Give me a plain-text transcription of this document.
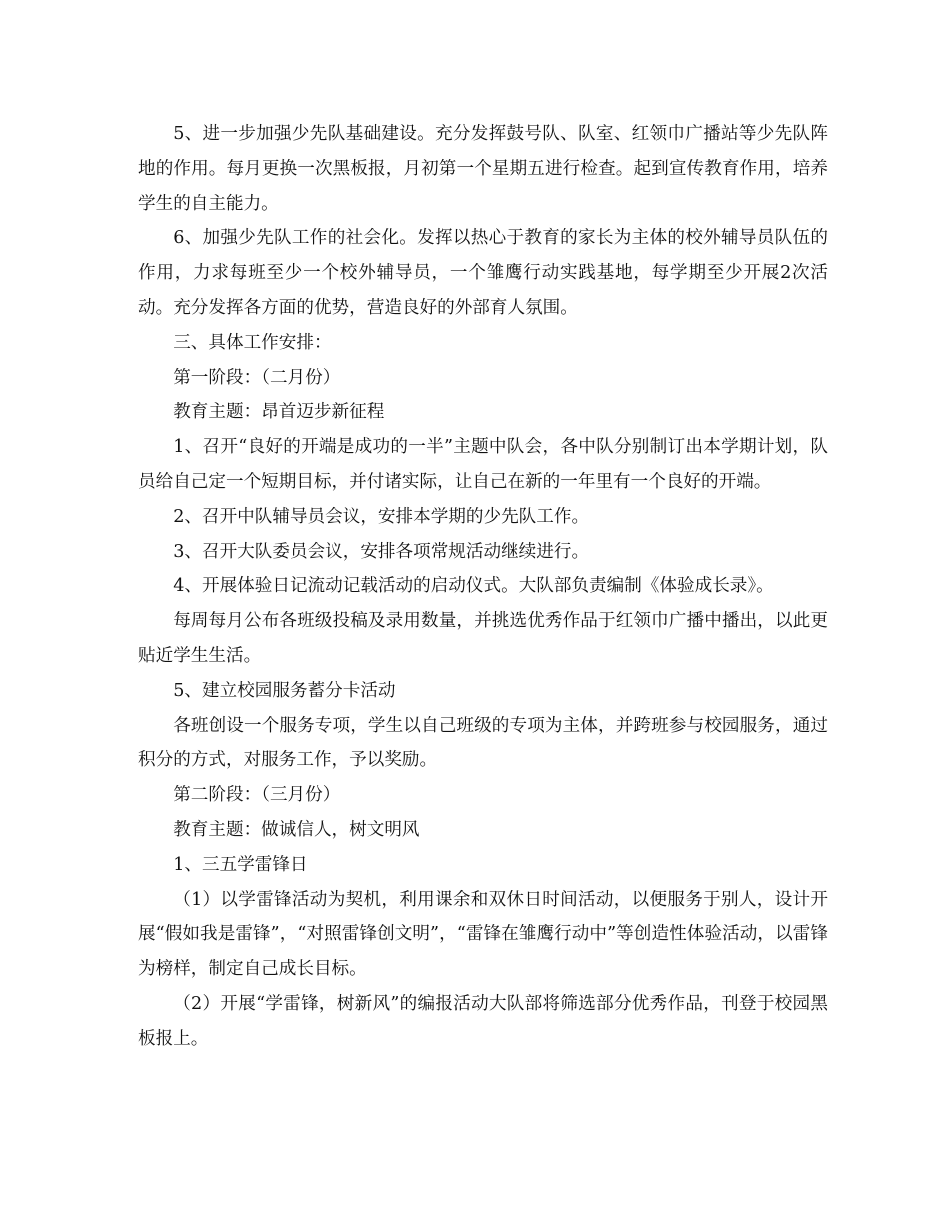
5、进一步加强少先队基础建设。充分发挥鼓号队、队室、红领巾广播站等少先队阵地的作用。每月更换一次黑板报，月初第一个星期五进行检查。起到宣传教育作用，培养学生的自主能力。

6、加强少先队工作的社会化。发挥以热心于教育的家长为主体的校外辅导员队伍的作用，力求每班至少一个校外辅导员，一个雏鹰行动实践基地，每学期至少开展2次活动。充分发挥各方面的优势，营造良好的外部育人氛围。

三、具体工作安排：

第一阶段：（二月份）

教育主题：昂首迈步新征程

1、召开“良好的开端是成功的一半”主题中队会，各中队分别制订出本学期计划，队员给自己定一个短期目标，并付诸实际，让自己在新的一年里有一个良好的开端。

2、召开中队辅导员会议，安排本学期的少先队工作。

3、召开大队委员会议，安排各项常规活动继续进行。

4、开展体验日记流动记载活动的启动仪式。大队部负责编制《体验成长录》。

每周每月公布各班级投稿及录用数量，并挑选优秀作品于红领巾广播中播出，以此更贴近学生生活。

5、建立校园服务蓄分卡活动

各班创设一个服务专项，学生以自己班级的专项为主体，并跨班参与校园服务，通过积分的方式，对服务工作，予以奖励。

第二阶段：（三月份）

教育主题：做诚信人，树文明风

1、三五学雷锋日

（1）以学雷锋活动为契机，利用课余和双休日时间活动，以便服务于别人，设计开展“假如我是雷锋”，“对照雷锋创文明”，“雷锋在雏鹰行动中”等创造性体验活动，以雷锋为榜样，制定自己成长目标。

（2）开展“学雷锋，树新风”的编报活动大队部将筛选部分优秀作品，刊登于校园黑板报上。
